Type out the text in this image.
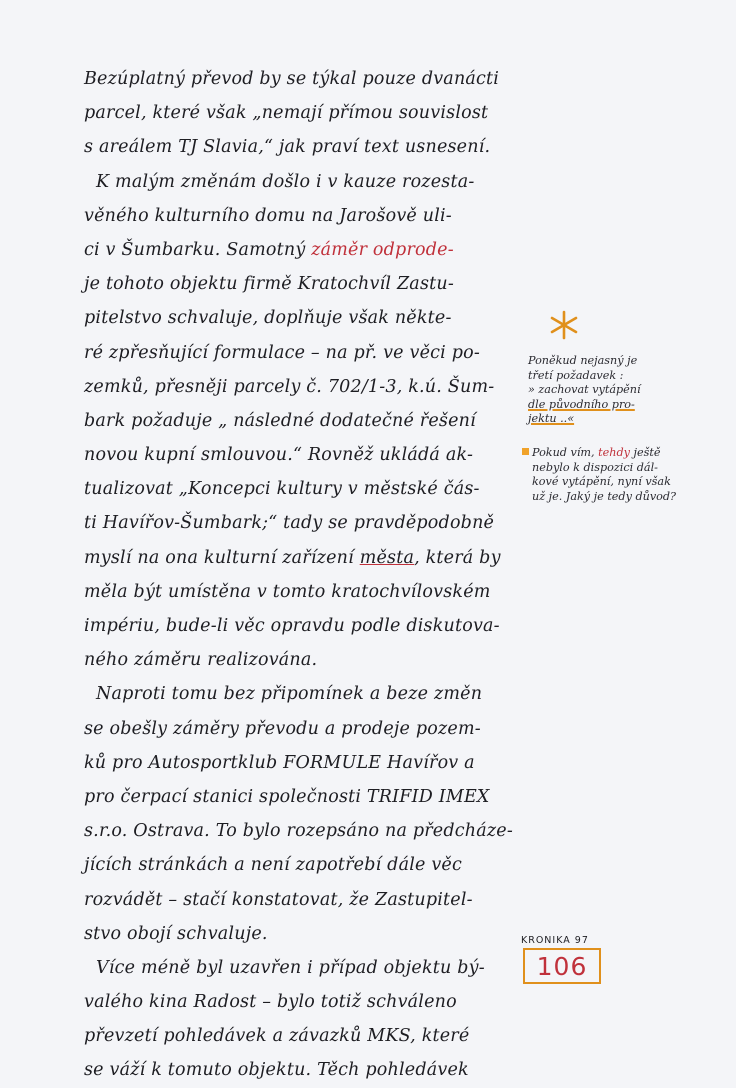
Bezúplatný převod by se týkal pouze dvanácti
parcel, které však „nemají přímou souvislost
s areálem TJ Slavia,“ jak praví text usnesení.
K malým změnám došlo i v kauze rozesta-
věného kulturního domu na Jarošově uli-
ci v Šumbarku. Samotný záměr odprode-
je tohoto objektu firmě Kratochvíl Zastu-
pitelstvo schvaluje, doplňuje však někte-
ré zpřesňující formulace – na př. ve věci po-
zemků, přesněji parcely č. 702/1-3, k.ú. Šum-
bark požaduje „ následné dodatečné řešení
novou kupní smlouvou.“ Rovněž ukládá ak-
tualizovat „Koncepci kultury v městské čás-
ti Havířov-Šumbark;“ tady se pravděpodobně
myslí na ona kulturní zařízení města, která by
měla být umístěna v tomto kratochvílovském
impériu, bude-li věc opravdu podle diskutova-
ného záměru realizována.
Naproti tomu bez připomínek a beze změn
se obešly záměry převodu a prodeje pozem-
ků pro Autosportklub FORMULE Havířov a
pro čerpací stanici společnosti TRIFID IMEX
s.r.o. Ostrava. To bylo rozepsáno na předcháze-
jících stránkách a není zapotřebí dále věc
rozvádět – stačí konstatovat, že Zastupitel-
stvo obojí schvaluje.
Více méně byl uzavřen i případ objektu bý-
valého kina Radost – bylo totiž schváleno
převzetí pohledávek a závazků MKS, které
se váží k tomuto objektu. Těch pohledávek
Poněkud nejasný je
třetí požadavek :
» zachovat vytápění
dle původního pro-
jektu ..«
Pokud vím, tehdy ještě
nebylo k dispozici dál-
kové vytápění, nyní však
už je. Jaký je tedy důvod?
KRONIKA 97
106
